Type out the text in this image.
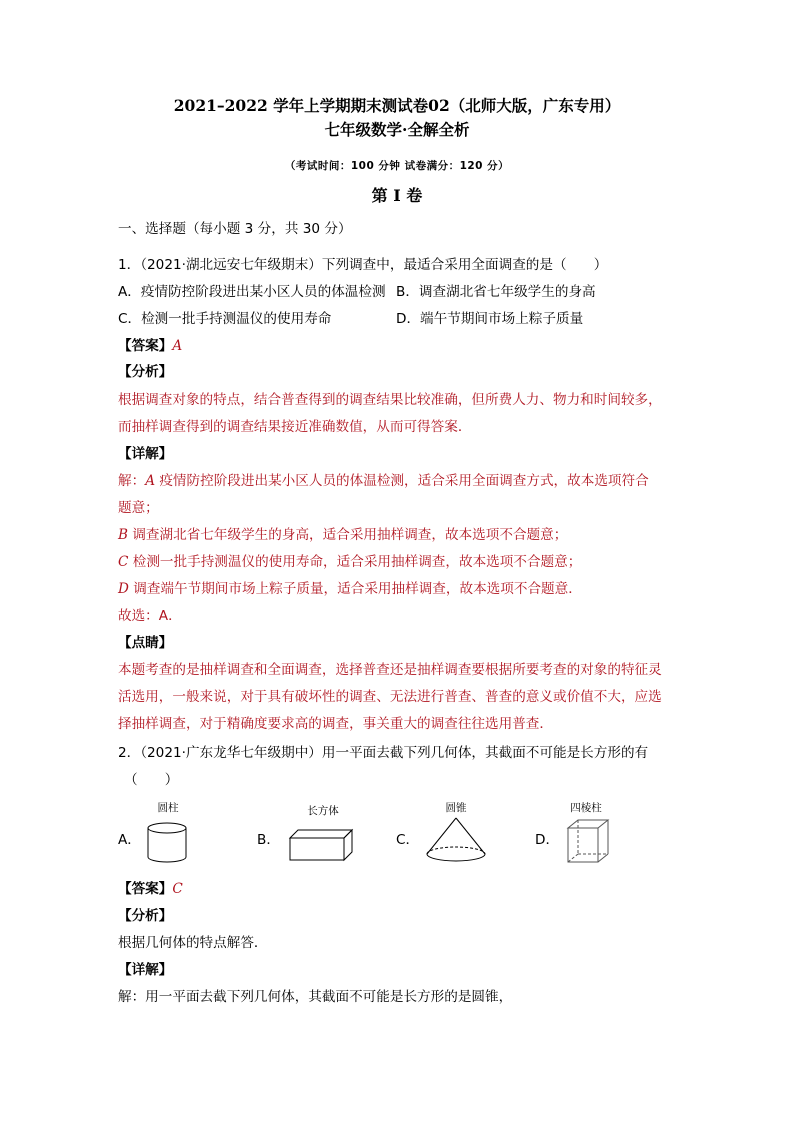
2021–2022 学年上学期期末测试卷02（北师大版，广东专用）
七年级数学·全解全析
（考试时间：100 分钟 试卷满分：120 分）
第 I 卷
一、选择题（每小题 3 分，共 30 分）
1．（2021·湖北远安七年级期末）下列调查中，最适合采用全面调查的是（　　）
A．疫情防控阶段进出某小区人员的体温检测 B．调查湖北省七年级学生的身高
C．检测一批手持测温仪的使用寿命	D．端午节期间市场上粽子质量
【答案】A
【分析】
根据调查对象的特点，结合普查得到的调查结果比较准确，但所费人力、物力和时间较多，
而抽样调查得到的调查结果接近准确数值，从而可得答案．
【详解】
解：A 疫情防控阶段进出某小区人员的体温检测，适合采用全面调查方式，故本选项符合
题意；
B 调查湖北省七年级学生的身高，适合采用抽样调查，故本选项不合题意；
C 检测一批手持测温仪的使用寿命，适合采用抽样调查，故本选项不合题意；
D 调查端午节期间市场上粽子质量，适合采用抽样调查，故本选项不合题意．
故选：A．
【点睛】
本题考查的是抽样调查和全面调查，选择普查还是抽样调查要根据所要考查的对象的特征灵
活选用，一般来说，对于具有破坏性的调查、无法进行普查、普查的意义或价值不大，应选
择抽样调查，对于精确度要求高的调查，事关重大的调查往往选用普查．
2．（2021·广东龙华七年级期中）用一平面去截下列几何体，其截面不可能是长方形的有
（　　）
圆柱
A．
长方体
B．
圆锥
C．
四棱柱
D．
【答案】C
【分析】
根据几何体的特点解答．
【详解】
解：用一平面去截下列几何体，其截面不可能是长方形的是圆锥，
